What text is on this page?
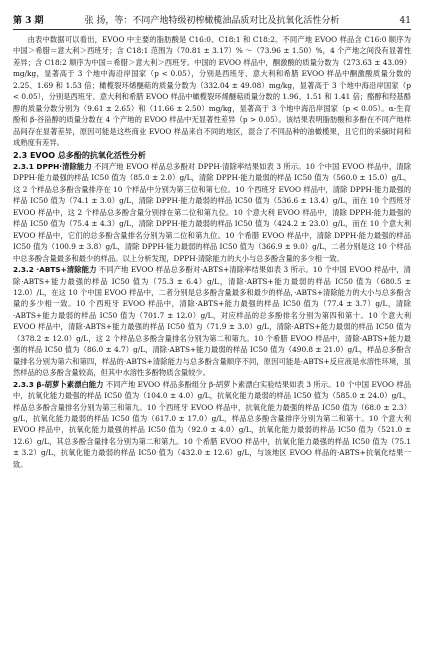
第 3 期	张 扬，等：不同产地特级初榨橄榄油品质对比及抗氧化活性分析	41

由表中数据可以看出，EVOO 中主要的脂肪酸是 C16:0、C18:1 和 C18:2。不同产地 EVOO 样品含 C16:0 顺序为中国＞希腊＝意大利＞西班牙；含 C18:1 范围为（70.81 ± 3.17）% ～（73.96 ± 1.50）%，4 个产地之间没有显著性差异；含 C18:2 顺序为中国＝希腊＞意大利＞西班牙。中国的 EVOO 样品中，酮激酸的质量分数为（273.63 ± 43.09）mg/kg，显著高于 3 个地中海沿岸国家（p < 0.05），分别是西班牙、意大利和希腊 EVOO 样品中酮激酸质量分数的 2.25、1.69 和 1.53 倍；橄榄裂环烯醚萜的质量分数为（332.04 ± 49.08）mg/kg，显著高于 3 个地中海沿岸国家（p < 0.05），分别是西班牙、意大利和希腊 EVOO 样品中橄榄裂环烯醚萜质量分数的 1.96、1.51 和 1.41 倍；酪醇和羟基酪醇的质量分数分别为（9.61 ± 2.65）和（11.66 ± 2.50）mg/kg，显著高于 3 个地中海沿岸国家（p < 0.05）。α-生育酚和 β-谷甾醇的质量分数在 4 个产地的 EVOO 样品中无显著性差异（p > 0.05）。该结果表明脂肪酸和多酚在不同产地样品间存在显著差异，原因可能是这些商业 EVOO 样品来自不同的地区，混合了不同品种的油橄榄果，且它们的采摘时间和成熟度有差异。

2.3 EVOO 总多酚的抗氧化活性分析

2.3.1 DPPH·清除能力 不同产地 EVOO 样品总多酚对 DPPH·清除率结果如表 3 所示。10 个中国 EVOO 样品中，清除 DPPH·能力最强的样品 IC50 值为（85.0 ± 2.0）g/L，清除 DPPH·能力最弱的样品 IC50 值为（560.0 ± 15.0）g/L，这 2 个样品总多酚含量排序在 10 个样品中分别为第三位和第七位。10 个西班牙 EVOO 样品中，清除 DPPH·能力最强的样品 IC50 值为（74.1 ± 3.0）g/L，清除 DPPH·能力最弱的样品 IC50 值为（536.6 ± 13.4）g/L，而在 10 个西班牙 EVOO 样品中，这 2 个样品总多酚含量分别排在第二位和第九位。10 个意大利 EVOO 样品中，清除 DPPH·能力最强的样品 IC50 值为（75.4 ± 4.3）g/L，清除 DPPH·能力最弱的样品 IC50 值为（424.2 ± 23.0）g/L，而在 10 个意大利 EVOO 样品中，它们的总多酚含量排名分别为第二位和第九位。10 个希腊 EVOO 样品中，清除 DPPH·能力最强的样品 IC50 值为（100.9 ± 3.8）g/L，清除 DPPH·能力最弱的样品 IC50 值为（366.9 ± 9.0）g/L，二者分别是这 10 个样品中总多酚含量最多和最少的样品。以上分析发现，DPPH·清除能力的大小与总多酚含量的多少相一致。

2.3.2 ·ABTS+清除能力 不同产地 EVOO 样品总多酚对·ABTS+清除率结果如表 3 所示。10 个中国 EVOO 样品中，清除·ABTS+能力最强的样品 IC50 值为（75.3 ± 6.4）g/L，清除·ABTS+能力最弱的样品 IC50 值为（680.5 ± 12.0）/L，在这 10 个中国 EVOO 样品中，二者分别是总多酚含量最多和最少的样品，·ABTS+清除能力的大小与总多酚含量的多少相一致。10 个西班牙 EVOO 样品中，清除·ABTS+能力最强的样品 IC50 值为（77.4 ± 3.7）g/L，清除·ABTS+能力最弱的样品 IC50 值为（701.7 ± 12.0）g/L，对应样品的总多酚排名分别为第四和第十。10 个意大利 EVOO 样品中，清除·ABTS+能力最强的样品 IC50 值为（71.9 ± 3.0）g/L，清除·ABTS+能力最弱的样品 IC50 值为（378.2 ± 12.0）g/L，这 2 个样品总多酚含量排名分别为第二和第九。10 个希腊 EVOO 样品中，清除·ABTS+能力最强的样品 IC50 值为（86.0 ± 4.7）g/L，清除·ABTS+能力最弱的样品 IC50 值为（490.8 ± 21.0）g/L，样品总多酚含量排名分别为第六和第四，样品的·ABTS+清除能力与总多酚含量顺序不同，原因可能是·ABTS+反应液是水溶性环境，虽然样品的总多酚含量较高，但其中水溶性多酚物质含量较少。

2.3.3 β-胡萝卜素漂白能力 不同产地 EVOO 样品多酚组分 β-胡萝卜素漂白实验结果如表 3 所示。10 个中国 EVOO 样品中，抗氧化能力最强的样品 IC50 值为（104.0 ± 4.0）g/L，抗氧化能力最弱的样品 IC50 值为（585.0 ± 24.0）g/L，样品总多酚含量排名分别为第三和第九。10 个西班牙 EVOO 样品中，抗氧化能力最强的样品 IC50 值为（68.0 ± 2.3）g/L，抗氧化能力最弱的样品 IC50 值为（617.0 ± 17.0）g/L，样品总多酚含量排序分别为第二和第十。10 个意大利 EVOO 样品中，抗氧化能力最强的样品 IC50 值为（92.0 ± 4.0）g/L，抗氧化能力最弱的样品 IC50 值为（521.0 ± 12.6）g/L，其总多酚含量排名分别为第二和第九。10 个希腊 EVOO 样品中，抗氧化能力最强的样品 IC50 值为（75.1 ± 3.2）g/L，抗氧化能力最弱的样品 IC50 值为（432.0 ± 12.6）g/L，与该地区 EVOO 样品的·ABTS+抗氧化结果一致。
